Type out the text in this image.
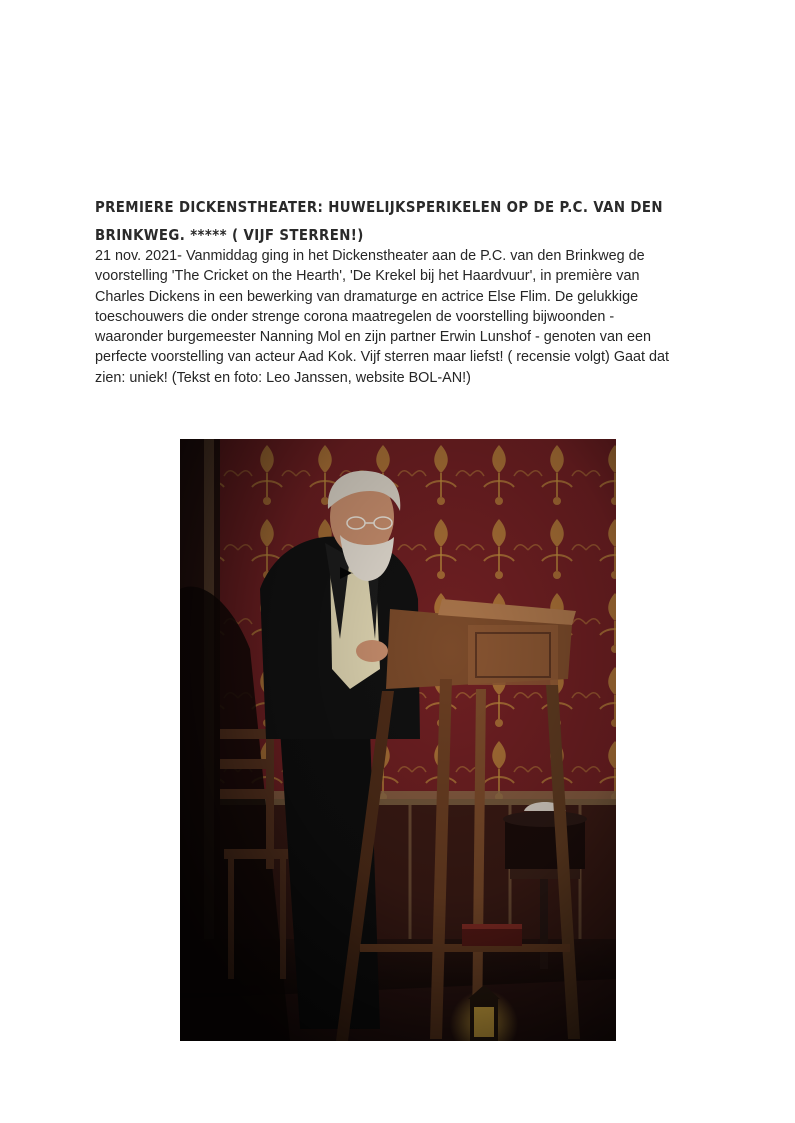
PREMIERE DICKENSTHEATER: HUWELIJKSPERIKELEN OP DE P.C. VAN DEN BRINKWEG. ***** ( VIJF STERREN!)

21 nov. 2021- Vanmiddag ging in het Dickenstheater aan de P.C. van den Brinkweg de voorstelling 'The Cricket on the Hearth', 'De Krekel bij het Haardvuur', in première van Charles Dickens in een bewerking van dramaturge en actrice Else Flim. De gelukkige toeschouwers die onder strenge corona maatregelen de voorstelling bijwoonden - waaronder burgemeester Nanning Mol en zijn partner Erwin Lunshof - genoten van een perfecte voorstelling van acteur Aad Kok. Vijf sterren maar liefst! ( recensie volgt) Gaat dat zien: uniek! (Tekst en foto: Leo Janssen, website BOL-AN!)
